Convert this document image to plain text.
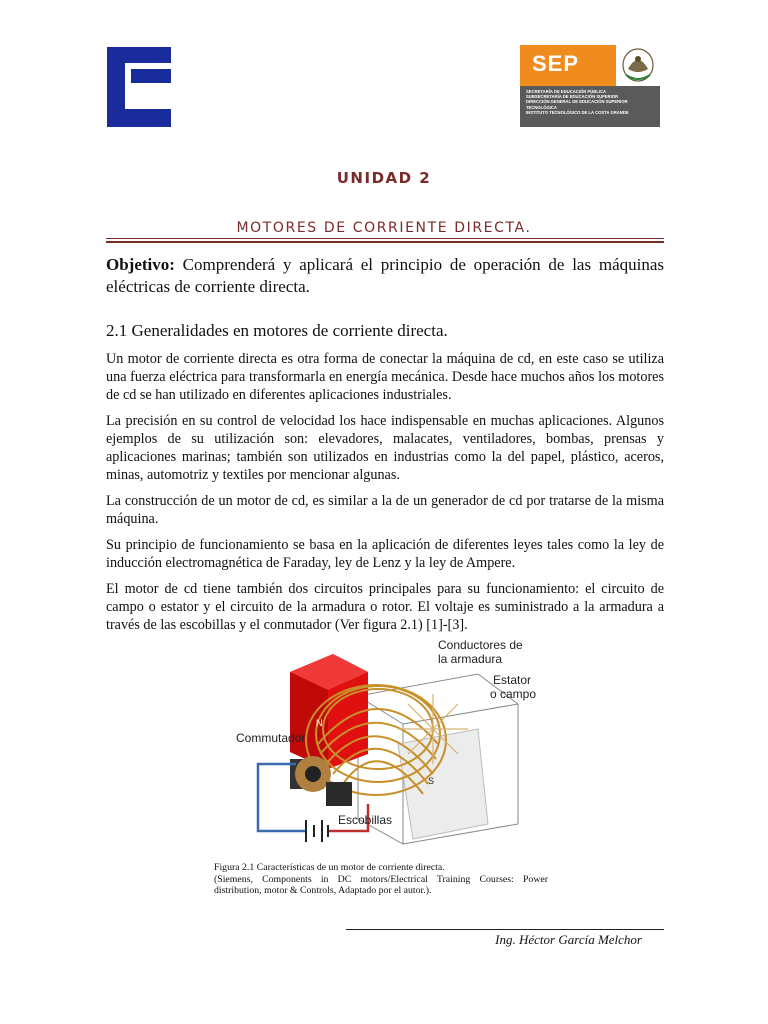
SEP
SECRETARÍA DE EDUCACIÓN PÚBLICA
SUBSECRETARÍA DE EDUCACIÓN SUPERIOR
DIRECCIÓN GENERAL DE EDUCACIÓN SUPERIOR TECNOLÓGICA
INSTITUTO TECNOLÓGICO DE LA COSTA GRANDE
UNIDAD 2
MOTORES DE CORRIENTE DIRECTA.
Objetivo: Comprenderá y aplicará el principio de operación de las máquinas eléctricas de corriente directa.
2.1 Generalidades en motores de corriente directa.
Un motor de corriente directa es otra forma de conectar la máquina de cd, en este caso se utiliza una fuerza eléctrica para transformarla en energía mecánica. Desde hace muchos años los motores de cd se han utilizado en diferentes aplicaciones industriales.
La precisión en su control de velocidad los hace indispensable en muchas aplicaciones. Algunos ejemplos de su utilización son: elevadores, malacates, ventiladores, bombas, prensas y aplicaciones marinas; también son utilizados en industrias como la del papel, plástico, aceros, minas, automotriz y textiles por mencionar algunas.
La construcción de un motor de cd, es similar a la de un generador de cd por tratarse de la misma máquina.
Su principio de funcionamiento se basa en la aplicación de diferentes leyes tales como la ley de inducción electromagnética de Faraday, ley de Lenz y la ley de Ampere.
El motor de cd tiene también dos circuitos principales para su funcionamiento: el circuito de campo o estator y el circuito de la armadura o rotor. El voltaje es suministrado a la armadura a través de las escobillas y el conmutador (Ver figura 2.1) [1]-[3].
Conductores de
la armadura
Estator
o campo
Commutador
Escobillas
N
S
Figura 2.1 Características de un motor de corriente directa.
(Siemens, Components in DC motors/Electrical Training Courses: Power distribution, motor & Controls, Adaptado por el autor.).
Ing. Héctor García Melchor
